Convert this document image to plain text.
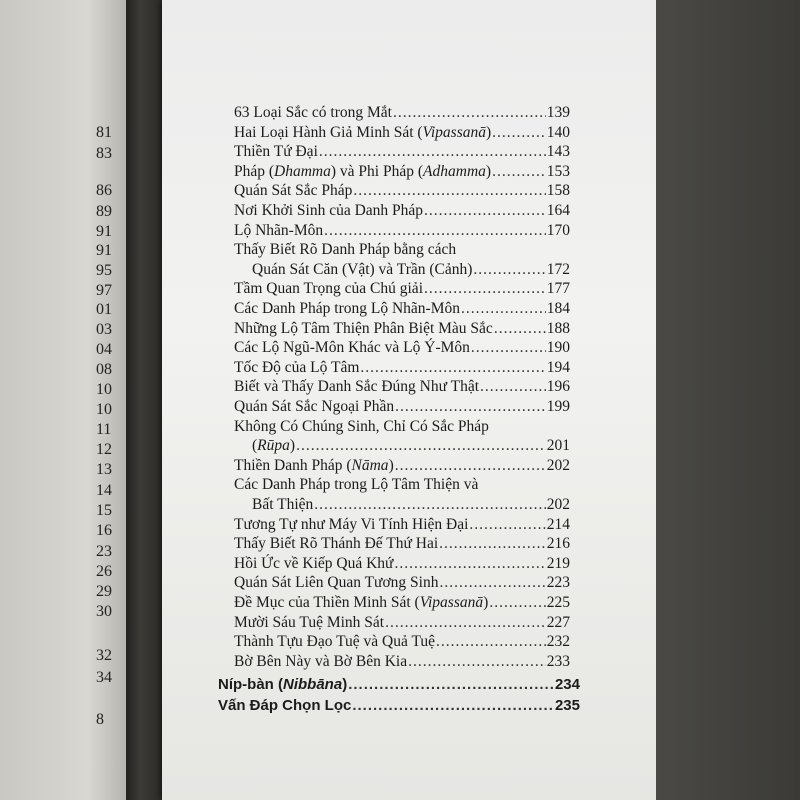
81
83
86
89
91
91
95
97
01
03
04
08
10
10
11
12
13
14
15
16
23
26
29
30
32
34
8
63 Loại Sắc có trong Mắt .....	139
Hai Loại Hành Giả Minh Sát (Vipassanā) .....	140
Thiền Tứ Đại .....	143
Pháp (Dhamma) và Phi Pháp (Adhamma) .....	153
Quán Sát Sắc Pháp .....	158
Nơi Khởi Sinh của Danh Pháp .....	164
Lộ Nhãn-Môn .....	170
Thấy Biết Rõ Danh Pháp bằng cách
Quán Sát Căn (Vật) và Trần (Cảnh) .....	172
Tầm Quan Trọng của Chú giải .....	177
Các Danh Pháp trong Lộ Nhãn-Môn .....	184
Những Lộ Tâm Thiện Phân Biệt Màu Sắc .....	188
Các Lộ Ngũ-Môn Khác và Lộ Ý-Môn .....	190
Tốc Độ của Lộ Tâm .....	194
Biết và Thấy Danh Sắc Đúng Như Thật .....	196
Quán Sát Sắc Ngoại Phần .....	199
Không Có Chúng Sinh, Chỉ Có Sắc Pháp
(Rūpa) .....	201
Thiền Danh Pháp (Nāma) .....	202
Các Danh Pháp trong Lộ Tâm Thiện và
Bất Thiện .....	202
Tương Tự như Máy Vi Tính Hiện Đại .....	214
Thấy Biết Rõ Thánh Đế Thứ Hai .....	216
Hồi Ức về Kiếp Quá Khứ .....	219
Quán Sát Liên Quan Tương Sinh .....	223
Đề Mục của Thiền Minh Sát (Vipassanā) .....	225
Mười Sáu Tuệ Minh Sát .....	227
Thành Tựu Đạo Tuệ và Quả Tuệ .....	232
Bờ Bên Này và Bờ Bên Kia .....	233
Níp-bàn (Nibbāna) .....	234
Vấn Đáp Chọn Lọc .....	235
